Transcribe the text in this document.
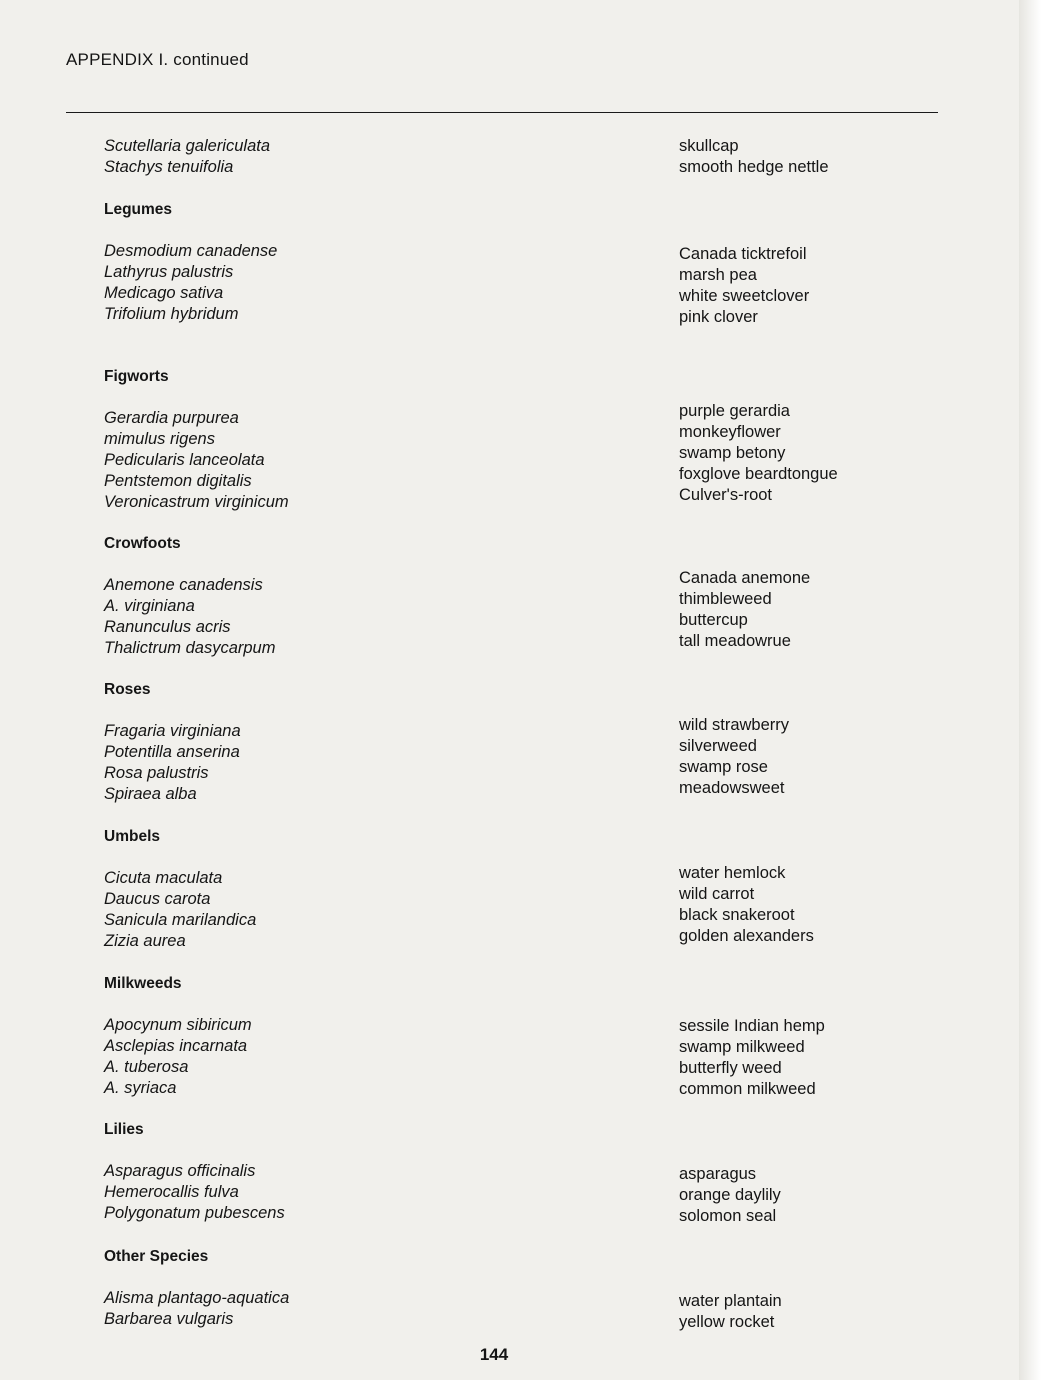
APPENDIX I. continued
Scutellaria galericulata
Stachys tenuifolia
Legumes
Desmodium canadense
Lathyrus palustris
Medicago sativa
Trifolium hybridum
Figworts
Gerardia purpurea
mimulus rigens
Pedicularis lanceolata
Pentstemon digitalis
Veronicastrum virginicum
Crowfoots
Anemone canadensis
A. virginiana
Ranunculus acris
Thalictrum dasycarpum
Roses
Fragaria virginiana
Potentilla anserina
Rosa palustris
Spiraea alba
Umbels
Cicuta maculata
Daucus carota
Sanicula marilandica
Zizia aurea
Milkweeds
Apocynum sibiricum
Asclepias incarnata
A. tuberosa
A. syriaca
Lilies
Asparagus officinalis
Hemerocallis fulva
Polygonatum pubescens
Other Species
Alisma plantago-aquatica
Barbarea vulgaris
skullcap
smooth hedge nettle
Canada ticktrefoil
marsh pea
white sweetclover
pink clover
purple gerardia
monkeyflower
swamp betony
foxglove beardtongue
Culver's-root
Canada anemone
thimbleweed
buttercup
tall meadowrue
wild strawberry
silverweed
swamp rose
meadowsweet
water hemlock
wild carrot
black snakeroot
golden alexanders
sessile Indian hemp
swamp milkweed
butterfly weed
common milkweed
asparagus
orange daylily
solomon seal
water plantain
yellow rocket
144
